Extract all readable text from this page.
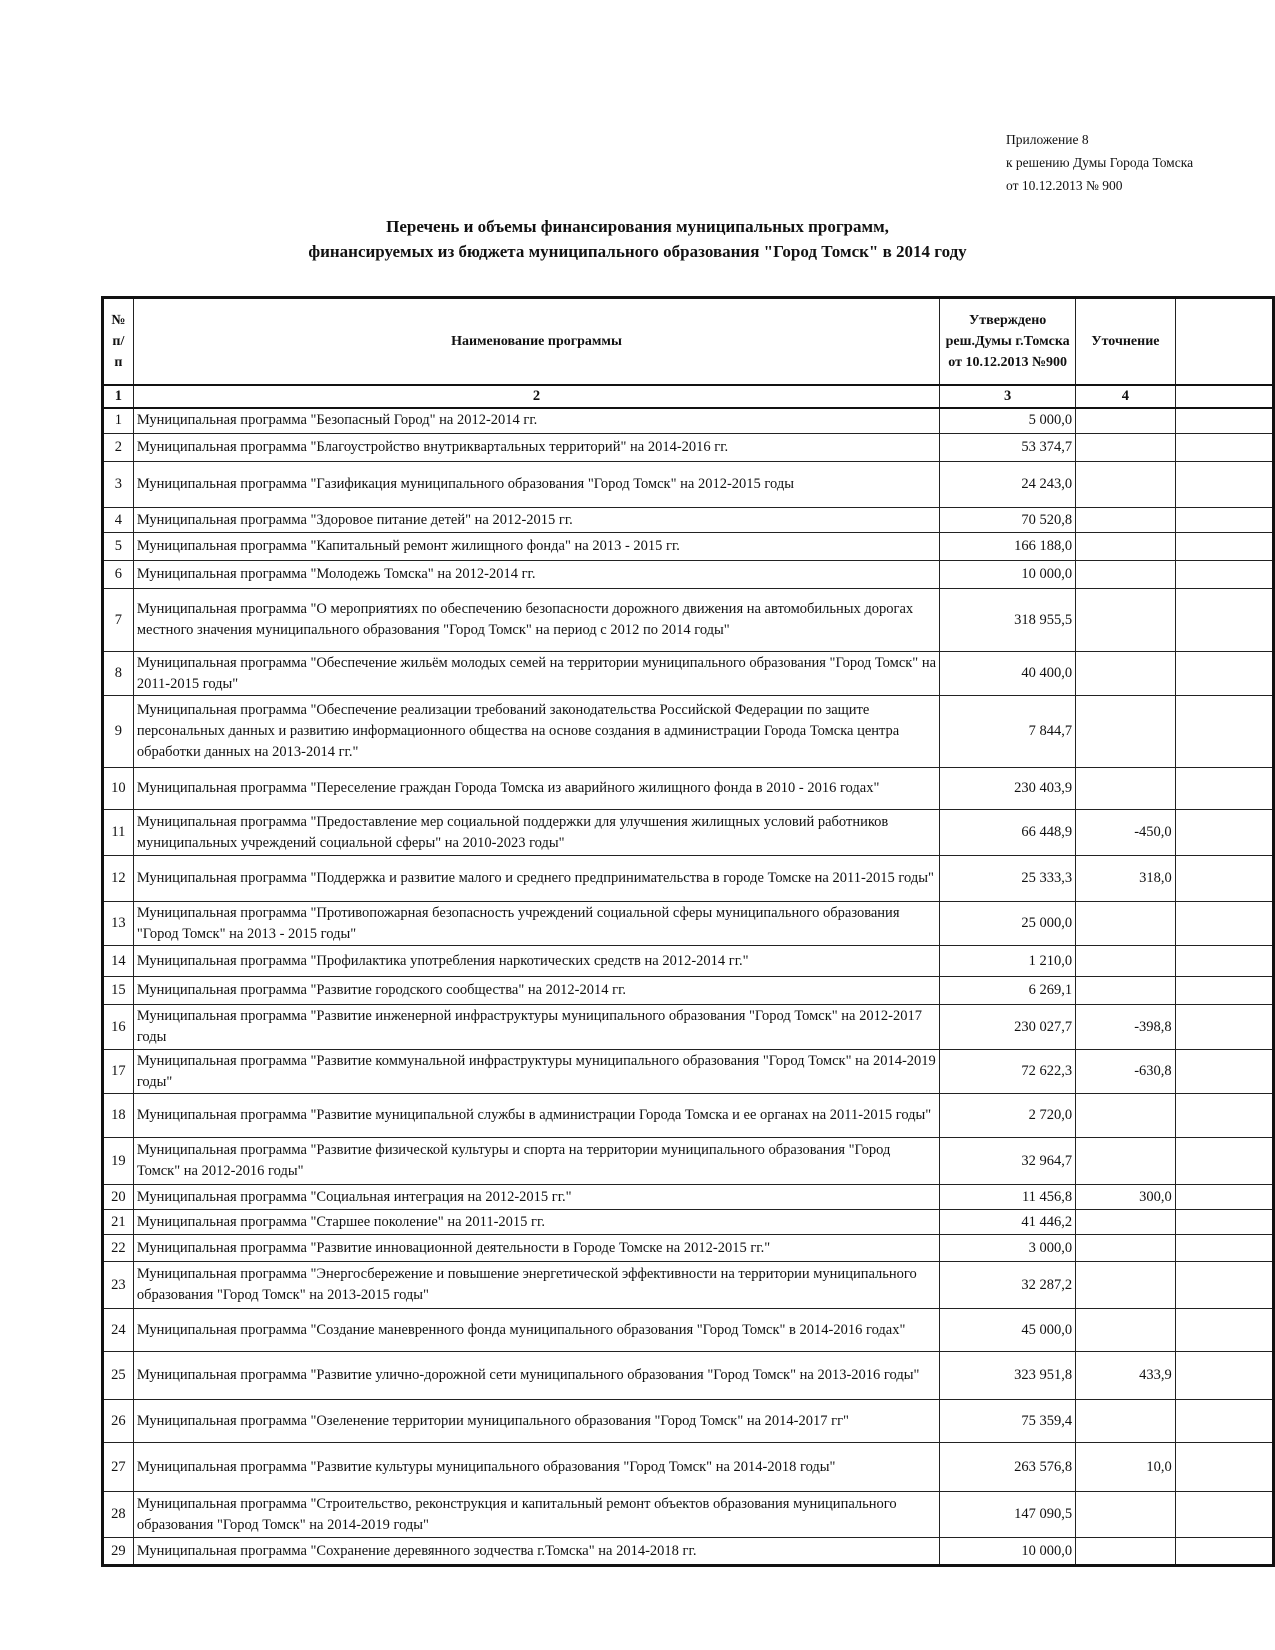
Приложение 8
к решению Думы Города Томска
от 10.12.2013 № 900
Перечень и объемы финансирования муниципальных программ,
финансируемых из бюджета муниципального образования "Город Томск" в 2014 году
№ п/ п	Наименование программы	Утверждено реш.Думы г.Томска от 10.12.2013 №900	Уточнение	
1	2	3	4	
1	Муниципальная программа "Безопасный Город" на 2012-2014 гг.	5 000,0		
2	Муниципальная программа "Благоустройство внутриквартальных территорий" на 2014-2016 гг.	53 374,7		
3	Муниципальная программа "Газификация муниципального образования "Город Томск" на 2012-2015 годы	24 243,0		
4	Муниципальная программа "Здоровое питание детей" на 2012-2015 гг.	70 520,8		
5	Муниципальная программа "Капитальный ремонт жилищного фонда" на 2013 - 2015 гг.	166 188,0		
6	Муниципальная программа "Молодежь Томска" на 2012-2014 гг.	10 000,0		
7	Муниципальная программа "О мероприятиях по обеспечению безопасности дорожного движения на автомобильных дорогах местного значения муниципального образования "Город Томск" на период с 2012 по 2014 годы"	318 955,5		
8	Муниципальная программа "Обеспечение жильём молодых семей на территории муниципального образования "Город Томск" на 2011-2015 годы"	40 400,0		
9	Муниципальная программа "Обеспечение реализации требований законодательства Российской Федерации по защите персональных данных и развитию информационного общества на основе создания в администрации Города Томска центра обработки данных на 2013-2014 гг."	7 844,7		
10	Муниципальная программа "Переселение граждан Города Томска из аварийного жилищного фонда в 2010 - 2016 годах"	230 403,9		
11	Муниципальная программа "Предоставление мер социальной поддержки для улучшения жилищных условий работников муниципальных учреждений социальной сферы" на 2010-2023 годы"	66 448,9	-450,0	
12	Муниципальная программа "Поддержка и развитие малого и среднего предпринимательства в городе Томске на 2011-2015 годы"	25 333,3	318,0	
13	Муниципальная программа "Противопожарная безопасность учреждений социальной сферы муниципального образования "Город Томск" на 2013 - 2015 годы"	25 000,0		
14	Муниципальная программа "Профилактика употребления наркотических средств на 2012-2014 гг."	1 210,0		
15	Муниципальная программа "Развитие городского сообщества" на 2012-2014 гг.	6 269,1		
16	Муниципальная программа "Развитие инженерной инфраструктуры муниципального образования "Город Томск" на 2012-2017 годы	230 027,7	-398,8	
17	Муниципальная программа "Развитие коммунальной инфраструктуры муниципального образования "Город Томск" на 2014-2019 годы"	72 622,3	-630,8	
18	Муниципальная программа "Развитие муниципальной службы в администрации Города Томска и ее органах на 2011-2015 годы"	2 720,0		
19	Муниципальная программа "Развитие физической культуры и спорта на территории муниципального образования "Город Томск" на 2012-2016 годы"	32 964,7		
20	Муниципальная программа "Социальная интеграция на 2012-2015 гг."	11 456,8	300,0	
21	Муниципальная программа "Старшее поколение" на 2011-2015 гг.	41 446,2		
22	Муниципальная программа "Развитие инновационной деятельности в Городе Томске на 2012-2015 гг."	3 000,0		
23	Муниципальная программа "Энергосбережение и повышение энергетической эффективности на территории муниципального образования "Город Томск" на 2013-2015 годы"	32 287,2		
24	Муниципальная программа "Создание маневренного фонда муниципального образования "Город Томск" в 2014-2016 годах"	45 000,0		
25	Муниципальная программа "Развитие улично-дорожной сети муниципального образования "Город Томск" на 2013-2016 годы"	323 951,8	433,9	
26	Муниципальная программа "Озеленение территории муниципального образования "Город Томск" на 2014-2017 гг"	75 359,4		
27	Муниципальная программа "Развитие культуры муниципального образования "Город Томск" на 2014-2018 годы"	263 576,8	10,0	
28	Муниципальная программа "Строительство, реконструкция и капитальный ремонт объектов образования муниципального образования "Город Томск" на 2014-2019 годы"	147 090,5		
29	Муниципальная программа "Сохранение деревянного зодчества г.Томска" на 2014-2018 гг.	10 000,0		
